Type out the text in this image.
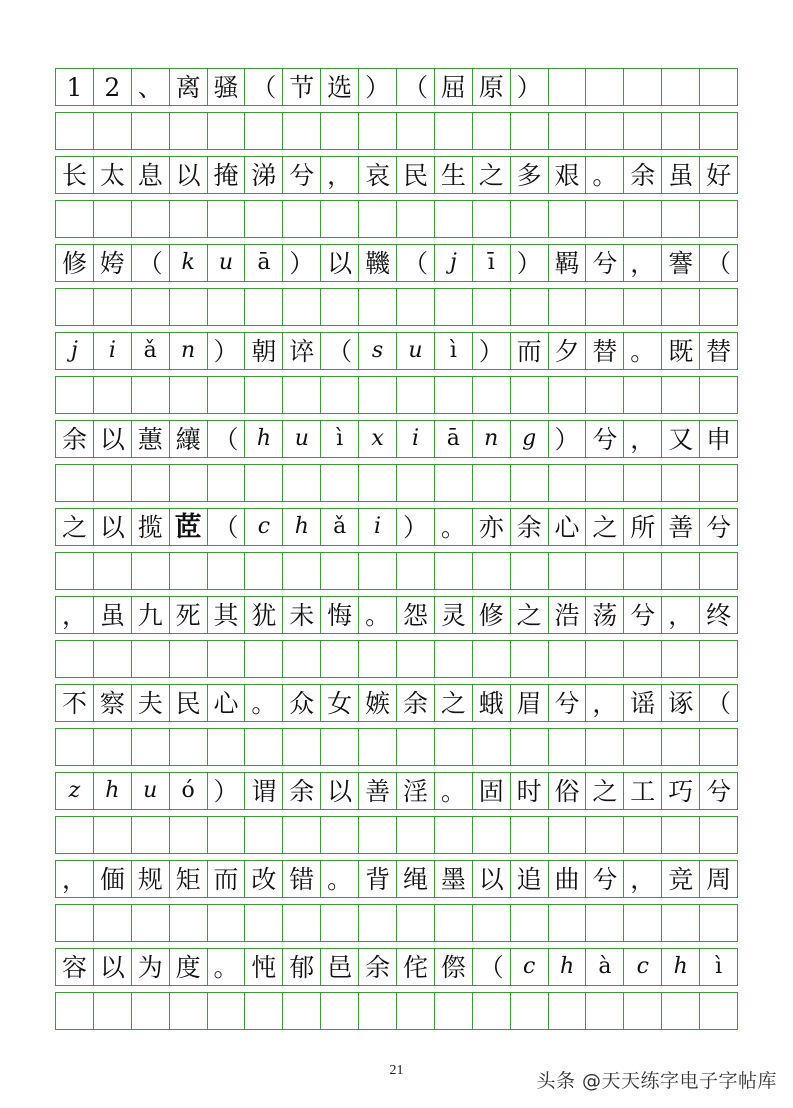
1 2 、 离 骚 （ 节 选 ） （ 屈 原 ）
长 太 息 以 掩 涕 兮 ， 哀 民 生 之 多 艰 。 余 虽 好
修 姱 （ k	u	ā ） 以 鞿 （ j	ī ） 羁 兮 ， 謇 （
j	i	ǎ	n ） 朝 谇 （ s	u	ì ） 而 夕 替 。 既 替
余 以 蕙 纕 （ h	u	ì	x	i	ā	n	g ） 兮 ， 又 申
之 以 揽 茝 （ c	h	ǎ	i ） 。 亦 余 心 之 所 善 兮
， 虽 九 死 其 犹 未 悔 。 怨 灵 修 之 浩 荡 兮 ， 终
不 察 夫 民 心 。 众 女 嫉 余 之 蛾 眉 兮 ， 谣 诼 （
z	h	u	ó ） 谓 余 以 善 淫 。 固 时 俗 之 工 巧 兮
， 偭 规 矩 而 改 错 。 背 绳 墨 以 追 曲 兮 ， 竞 周
容 以 为 度 。 忳 郁 邑 余 侘 傺 （ c	h	à	c	h	ì
21	头条 @天天练字电子字帖库
